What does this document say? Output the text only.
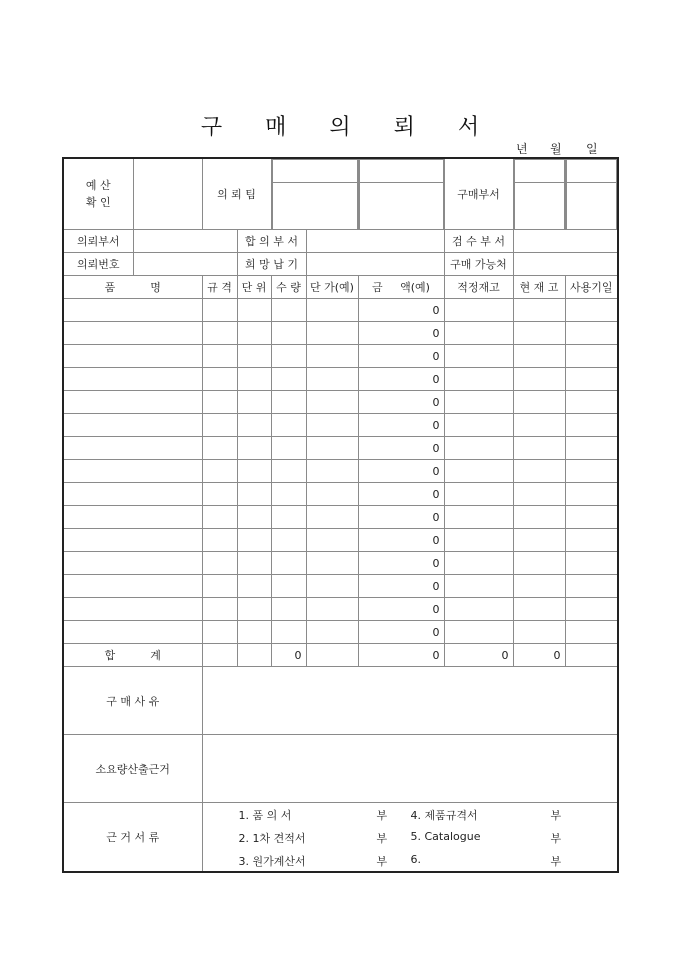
구 매 의 뢰 서
년 월 일
예 산
확 인		의 뢰 팀			구매부서	

의뢰부서		합 의 부 서		검 수 부 서	
의뢰번호		희 망 납 기		구매 가능처	
품          명	규 격	단 위	수 량	단 가(예)	금     액(예)	적정재고	현 재 고	사용기일
					0			
					0			
					0			
					0			
					0			
					0			
					0			
					0			
					0			
					0			
					0			
					0			
					0			
					0			
					0			
합          계			0		0	0	0	
구 매 사 유	
소요량산출근거	
근 거 서 류	
1. 품 의 서	부 4. 제품규격서	부
2. 1차 견적서	부 5. Catalogue	부
3. 원가계산서	부 6.	부
